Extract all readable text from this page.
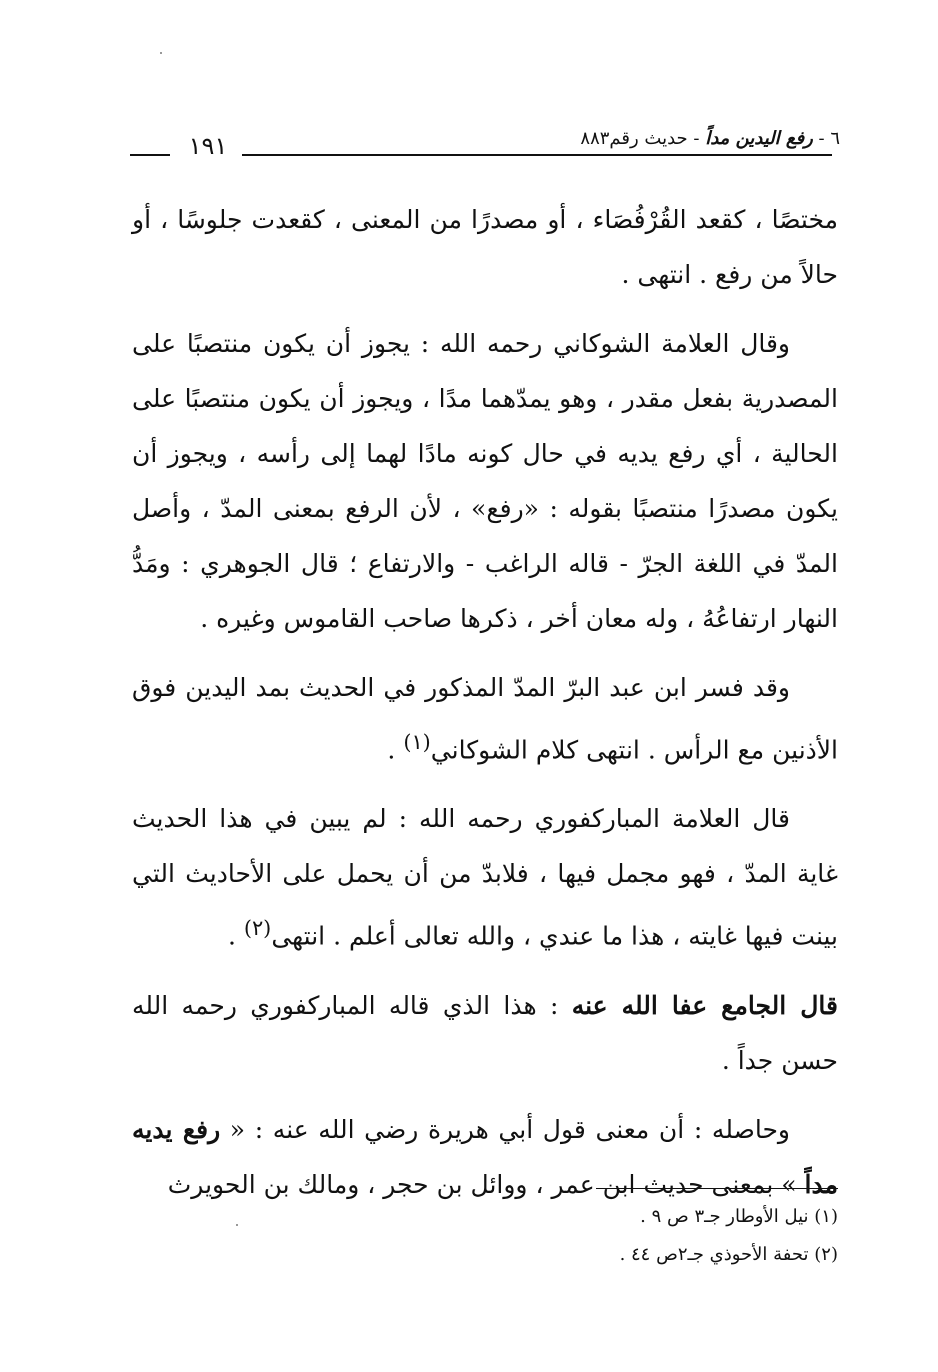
٦ - رفع اليدين مداً - حديث رقم٨٨٣
١٩١

مختصًا ، كقعد القُرْفُصَاء ، أو مصدرًا من المعنى ، كقعدت جلوسًا ، أو حالاً من رفع . انتهى .

وقال العلامة الشوكاني رحمه الله : يجوز أن يكون منتصبًا على المصدرية بفعل مقدر ، وهو يمدّهما مدًا ، ويجوز أن يكون منتصبًا على الحالية ، أي رفع يديه في حال كونه مادًا لهما إلى رأسه ، ويجوز أن يكون مصدرًا منتصبًا بقوله : «رفع» ، لأن الرفع بمعنى المدّ ، وأصل المدّ في اللغة الجرّ - قاله الراغب - والارتفاع ؛ قال الجوهري : ومَدُّ النهار ارتفاعُهُ ، وله معان أخر ، ذكرها صاحب القاموس وغيره .

وقد فسر ابن عبد البرّ المدّ المذكور في الحديث بمد اليدين فوق الأذنين مع الرأس . انتهى كلام الشوكاني$^{(١)}$ .

قال العلامة المباركفوري رحمه الله : لم يبين في هذا الحديث غاية المدّ ، فهو مجمل فيها ، فلابدّ من أن يحمل على الأحاديث التي بينت فيها غايته ، هذا ما عندي ، والله تعالى أعلم . انتهى$^{(٢)}$ .

قال الجامع عفا الله عنه : هذا الذي قاله المباركفوري رحمه الله حسن جداً .

وحاصله : أن معنى قول أبي هريرة رضي الله عنه : « رفع يديه مداً » بمعنى حديث ابن عمر ، ووائل بن حجر ، ومالك بن الحويرث

(١) نيل الأوطار جـ٣ ص ٩ .
(٢) تحفة الأحوذي جـ٢ص ٤٤ .
